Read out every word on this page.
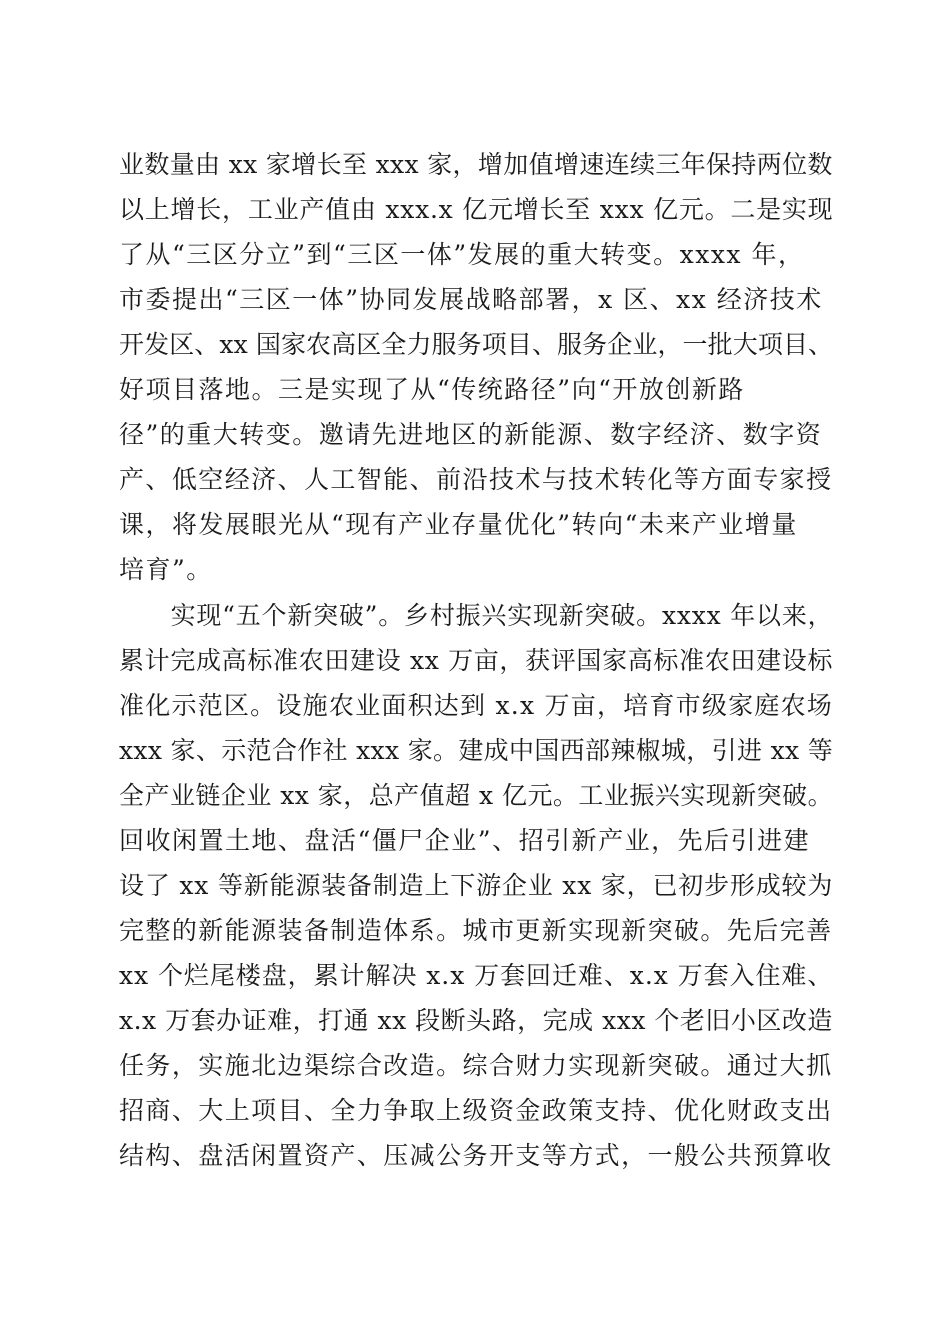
业数量由 xx 家增长至 xxx 家，增加值增速连续三年保持两位数
以上增长，工业产值由 xxx.x 亿元增长至 xxx 亿元。二是实现
了从“三区分立”到“三区一体”发展的重大转变。xxxx 年，
市委提出“三区一体”协同发展战略部署，x 区、xx 经济技术
开发区、xx 国家农高区全力服务项目、服务企业，一批大项目、
好项目落地。三是实现了从“传统路径”向“开放创新路
径”的重大转变。邀请先进地区的新能源、数字经济、数字资
产、低空经济、人工智能、前沿技术与技术转化等方面专家授
课，将发展眼光从“现有产业存量优化”转向“未来产业增量
培育”。
　　实现“五个新突破”。乡村振兴实现新突破。xxxx 年以来，
累计完成高标准农田建设 xx 万亩，获评国家高标准农田建设标
准化示范区。设施农业面积达到 x.x 万亩，培育市级家庭农场
xxx 家、示范合作社 xxx 家。建成中国西部辣椒城，引进 xx 等
全产业链企业 xx 家，总产值超 x 亿元。工业振兴实现新突破。
回收闲置土地、盘活“僵尸企业”、招引新产业，先后引进建
设了 xx 等新能源装备制造上下游企业 xx 家，已初步形成较为
完整的新能源装备制造体系。城市更新实现新突破。先后完善
xx 个烂尾楼盘，累计解决 x.x 万套回迁难、x.x 万套入住难、
x.x 万套办证难，打通 xx 段断头路，完成 xxx 个老旧小区改造
任务，实施北边渠综合改造。综合财力实现新突破。通过大抓
招商、大上项目、全力争取上级资金政策支持、优化财政支出
结构、盘活闲置资产、压减公务开支等方式，一般公共预算收
